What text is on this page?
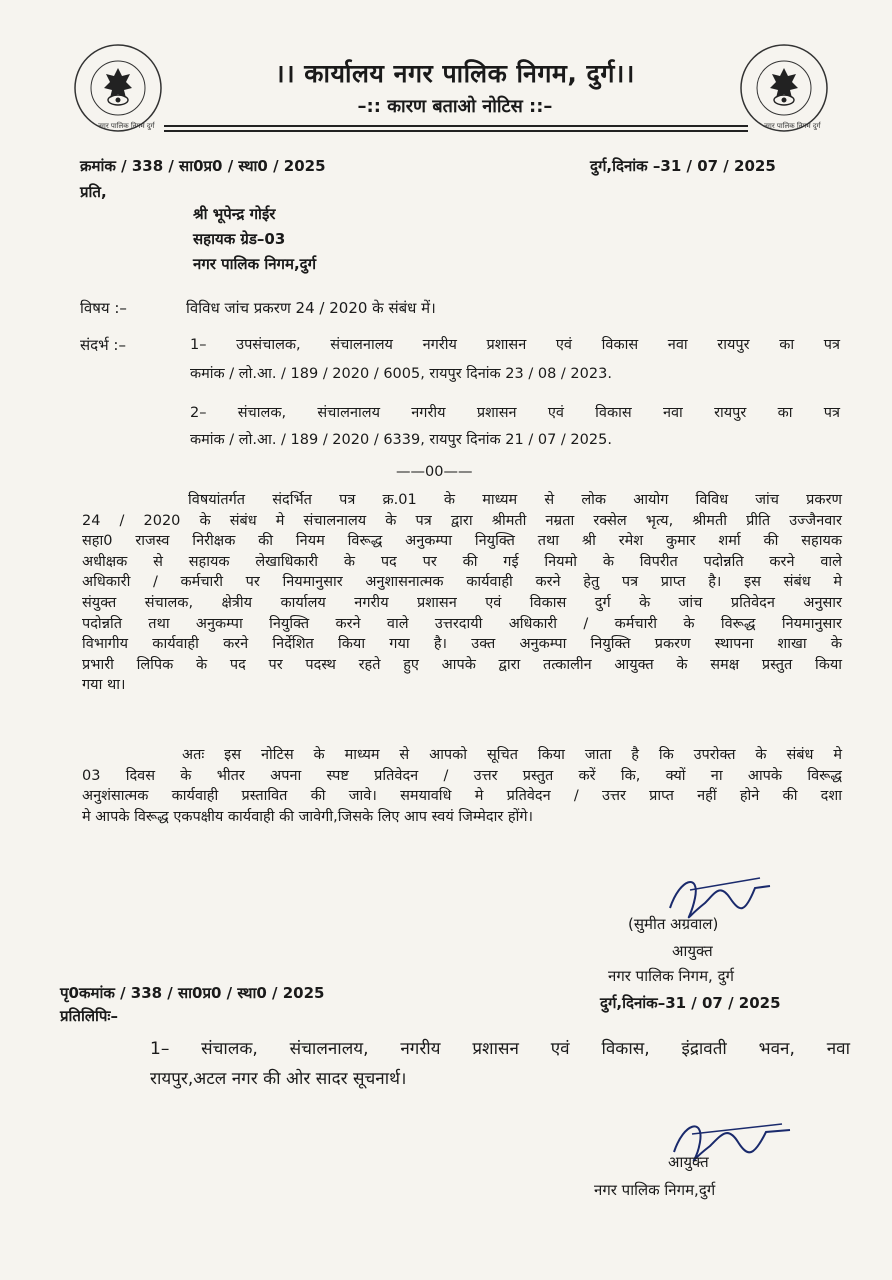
नगर पालिक निगम दुर्ग	नगर पालिक निगम दुर्ग
।। कार्यालय नगर पालिक निगम, दुर्ग।।
–:: कारण बताओ नोटिस ::–
क्रमांक / 338 / सा0प्र0 / स्था0 / 2025	दुर्ग,दिनांक –31 / 07 / 2025
प्रति,
श्री भूपेन्द्र गोईर
सहायक ग्रेड–03
नगर पालिक निगम,दुर्ग
विषय :–	विविध जांच प्रकरण 24 / 2020 के संबंध में।
संदर्भ :–	1– उपसंचालक, संचालनालय नगरीय प्रशासन एवं विकास नवा रायपुर का पत्र
कमांक / लो.आ. / 189 / 2020 / 6005, रायपुर दिनांक 23 / 08 / 2023.
2– संचालक, संचालनालय नगरीय प्रशासन एवं विकास नवा रायपुर का पत्र
कमांक / लो.आ. / 189 / 2020 / 6339, रायपुर दिनांक 21 / 07 / 2025.
——00——
विषयांतर्गत संदर्भित पत्र क्र.01 के माध्यम से लोक आयोग विविध जांच प्रकरण
24 / 2020 के संबंध मे संचालनालय के पत्र द्वारा श्रीमती नम्रता रक्सेल भृत्य, श्रीमती प्रीति उज्जैनवार
सहा0 राजस्व निरीक्षक की नियम विरूद्ध अनुकम्पा नियुक्ति तथा श्री रमेश कुमार शर्मा की सहायक
अधीक्षक से सहायक लेखाधिकारी के पद पर की गई नियमो के विपरीत पदोन्नति करने वाले
अधिकारी / कर्मचारी पर नियमानुसार अनुशासनात्मक कार्यवाही करने हेतु पत्र प्राप्त है। इस संबंध मे
संयुक्त संचालक, क्षेत्रीय कार्यालय नगरीय प्रशासन एवं विकास दुर्ग के जांच प्रतिवेदन अनुसार
पदोन्नति तथा अनुकम्पा नियुक्ति करने वाले उत्तरदायी अधिकारी / कर्मचारी के विरूद्ध नियमानुसार
विभागीय कार्यवाही करने निर्देशित किया गया है। उक्त अनुकम्पा नियुक्ति प्रकरण स्थापना शाखा के
प्रभारी लिपिक के पद पर पदस्थ रहते हुए आपके द्वारा तत्कालीन आयुक्त के समक्ष प्रस्तुत किया
गया था।
अतः इस नोटिस के माध्यम से आपको सूचित किया जाता है कि उपरोक्त के संबंध मे
03 दिवस के भीतर अपना स्पष्ट प्रतिवेदन / उत्तर प्रस्तुत करें कि, क्यों ना आपके विरूद्ध
अनुशंसात्मक कार्यवाही प्रस्तावित की जावे। समयावधि मे प्रतिवेदन / उत्तर प्राप्त नहीं होने की दशा
मे आपके विरूद्ध एकपक्षीय कार्यवाही की जावेगी,जिसके लिए आप स्वयं जिम्मेदार होंगे।
(सुमीत अग्रवाल)
आयुक्त
नगर पालिक निगम, दुर्ग
दुर्ग,दिनांक–31 / 07 / 2025
पृ0कमांक / 338 / सा0प्र0 / स्था0 / 2025
प्रतिलिपिः–
1– संचालक, संचालनालय, नगरीय प्रशासन एवं विकास, इंद्रावती भवन, नवा
रायपुर,अटल नगर की ओर सादर सूचनार्थ।
आयुक्त
नगर पालिक निगम,दुर्ग
